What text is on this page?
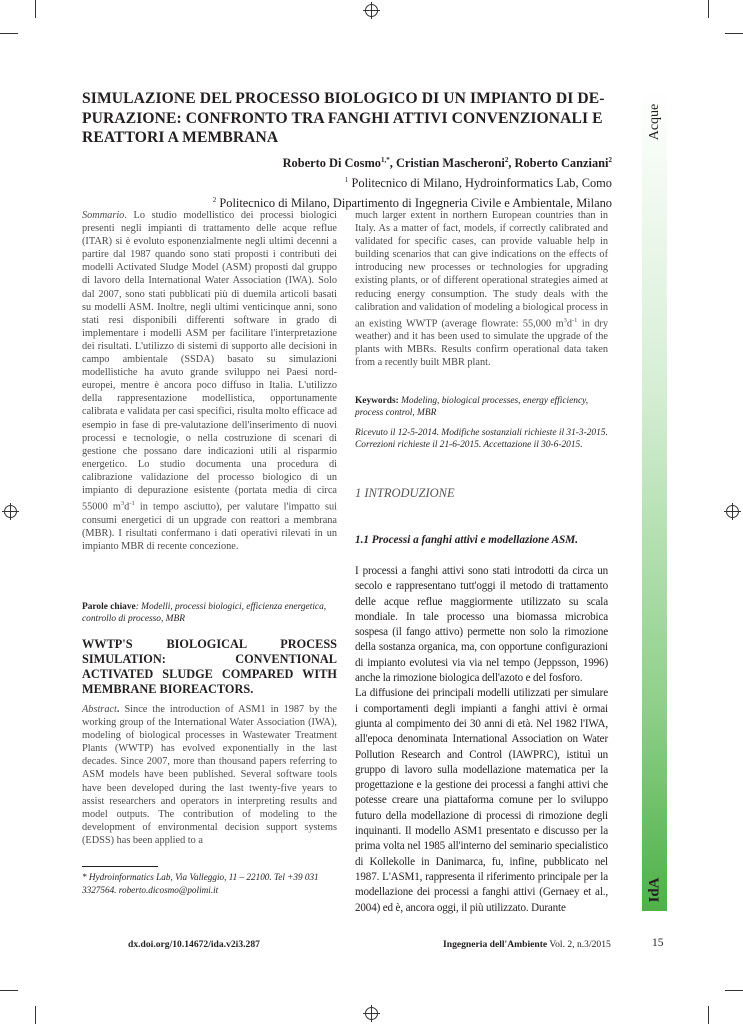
Acque
IdA
SIMULAZIONE DEL PROCESSO BIOLOGICO DI UN IMPIANTO DI DE-PURAZIONE: CONFRONTO TRA FANGHI ATTIVI CONVENZIONALI E REATTORI A MEMBRANA
Roberto Di Cosmo$^{1,*}$, Cristian Mascheroni$^2$, Roberto Canziani$^2$
$^1$ Politecnico di Milano, Hydroinformatics Lab, Como
$^2$ Politecnico di Milano, Dipartimento di Ingegneria Civile e Ambientale, Milano

Sommario. Lo studio modellistico dei processi biologici presenti negli impianti di trattamento delle acque reflue (ITAR) si è evoluto esponenzialmente negli ultimi decenni a partire dal 1987 quando sono stati proposti i contributi dei modelli Activated Sludge Model (ASM) proposti dal gruppo di lavoro della International Water Association (IWA). Solo dal 2007, sono stati pubblicati più di duemila articoli basati su modelli ASM. Inoltre, negli ultimi venticinque anni, sono stati resi disponibili differenti software in grado di implementare i modelli ASM per facilitare l'interpretazione dei risultati. L'utilizzo di sistemi di supporto alle decisioni in campo ambientale (SSDA) basato su simulazioni modellistiche ha avuto grande sviluppo nei Paesi nord-europei, mentre è ancora poco diffuso in Italia. L'utilizzo della rappresentazione modellistica, opportunamente calibrata e validata per casi specifici, risulta molto efficace ad esempio in fase di pre-valutazione dell'inserimento di nuovi processi e tecnologie, o nella costruzione di scenari di gestione che possano dare indicazioni utili al risparmio energetico. Lo studio documenta una procedura di calibrazione validazione del processo biologico di un impianto di depurazione esistente (portata media di circa 55000 $m^3d^{-1}$ in tempo asciutto), per valutare l'impatto sui consumi energetici di un upgrade con reattori a membrana (MBR). I risultati confermano i dati operativi rilevati in un impianto MBR di recente concezione.

Parole chiave: Modelli, processi biologici, efficienza energetica, controllo di processo, MBR
WWTP'S BIOLOGICAL PROCESS SIMULATION: CONVENTIONAL ACTIVATED SLUDGE COMPARED WITH MEMBRANE BIOREACTORS.

Abstract. Since the introduction of ASM1 in 1987 by the working group of the International Water Association (IWA), modeling of biological processes in Wastewater Treatment Plants (WWTP) has evolved exponentially in the last decades. Since 2007, more than thousand papers referring to ASM models have been published. Several software tools have been developed during the last twenty-five years to assist researchers and operators in interpreting results and model outputs. The contribution of modeling to the development of environmental decision support systems (EDSS) has been applied to a

* Hydroinformatics Lab, Via Valleggio, 11 – 22100. Tel +39 031 3327564. roberto.dicosmo@polimi.it

much larger extent in northern European countries than in Italy. As a matter of fact, models, if correctly calibrated and validated for specific cases, can provide valuable help in building scenarios that can give indications on the effects of introducing new processes or technologies for upgrading existing plants, or of different operational strategies aimed at reducing energy consumption. The study deals with the calibration and validation of modeling a biological process in an existing WWTP (average flowrate: 55,000 $m^3d^{-1}$ in dry weather) and it has been used to simulate the upgrade of the plants with MBRs. Results confirm operational data taken from a recently built MBR plant.

Keywords: Modeling, biological processes, energy efficiency, process control, MBR
Ricevuto il 12-5-2014. Modifiche sostanziali richieste il 31-3-2015. Correzioni richieste il 21-6-2015. Accettazione il 30-6-2015.
1 INTRODUZIONE
1.1 Processi a fanghi attivi e modellazione ASM.

I processi a fanghi attivi sono stati introdotti da circa un secolo e rappresentano tutt'oggi il metodo di trattamento delle acque reflue maggiormente utilizzato su scala mondiale. In tale processo una biomassa microbica sospesa (il fango attivo) permette non solo la rimozione della sostanza organica, ma, con opportune configurazioni di impianto evolutesi via via nel tempo (Jeppsson, 1996) anche la rimozione biologica dell'azoto e del fosforo.

La diffusione dei principali modelli utilizzati per simulare i comportamenti degli impianti a fanghi attivi è ormai giunta al compimento dei 30 anni di età. Nel 1982 l'IWA, all'epoca denominata International Association on Water Pollution Research and Control (IAWPRC), istituì un gruppo di lavoro sulla modellazione matematica per la progettazione e la gestione dei processi a fanghi attivi che potesse creare una piattaforma comune per lo sviluppo futuro della modellazione di processi di rimozione degli inquinanti. Il modello ASM1 presentato e discusso per la prima volta nel 1985 all'interno del seminario specialistico di Kollekolle in Danimarca, fu, infine, pubblicato nel 1987. L'ASM1, rappresenta il riferimento principale per la modellazione dei processi a fanghi attivi (Gernaey et al., 2004) ed è, ancora oggi, il più utilizzato. Durante

dx.doi.org/10.14672/ida.v2i3.287	Ingegneria dell'Ambiente Vol. 2, n.3/2015	15
